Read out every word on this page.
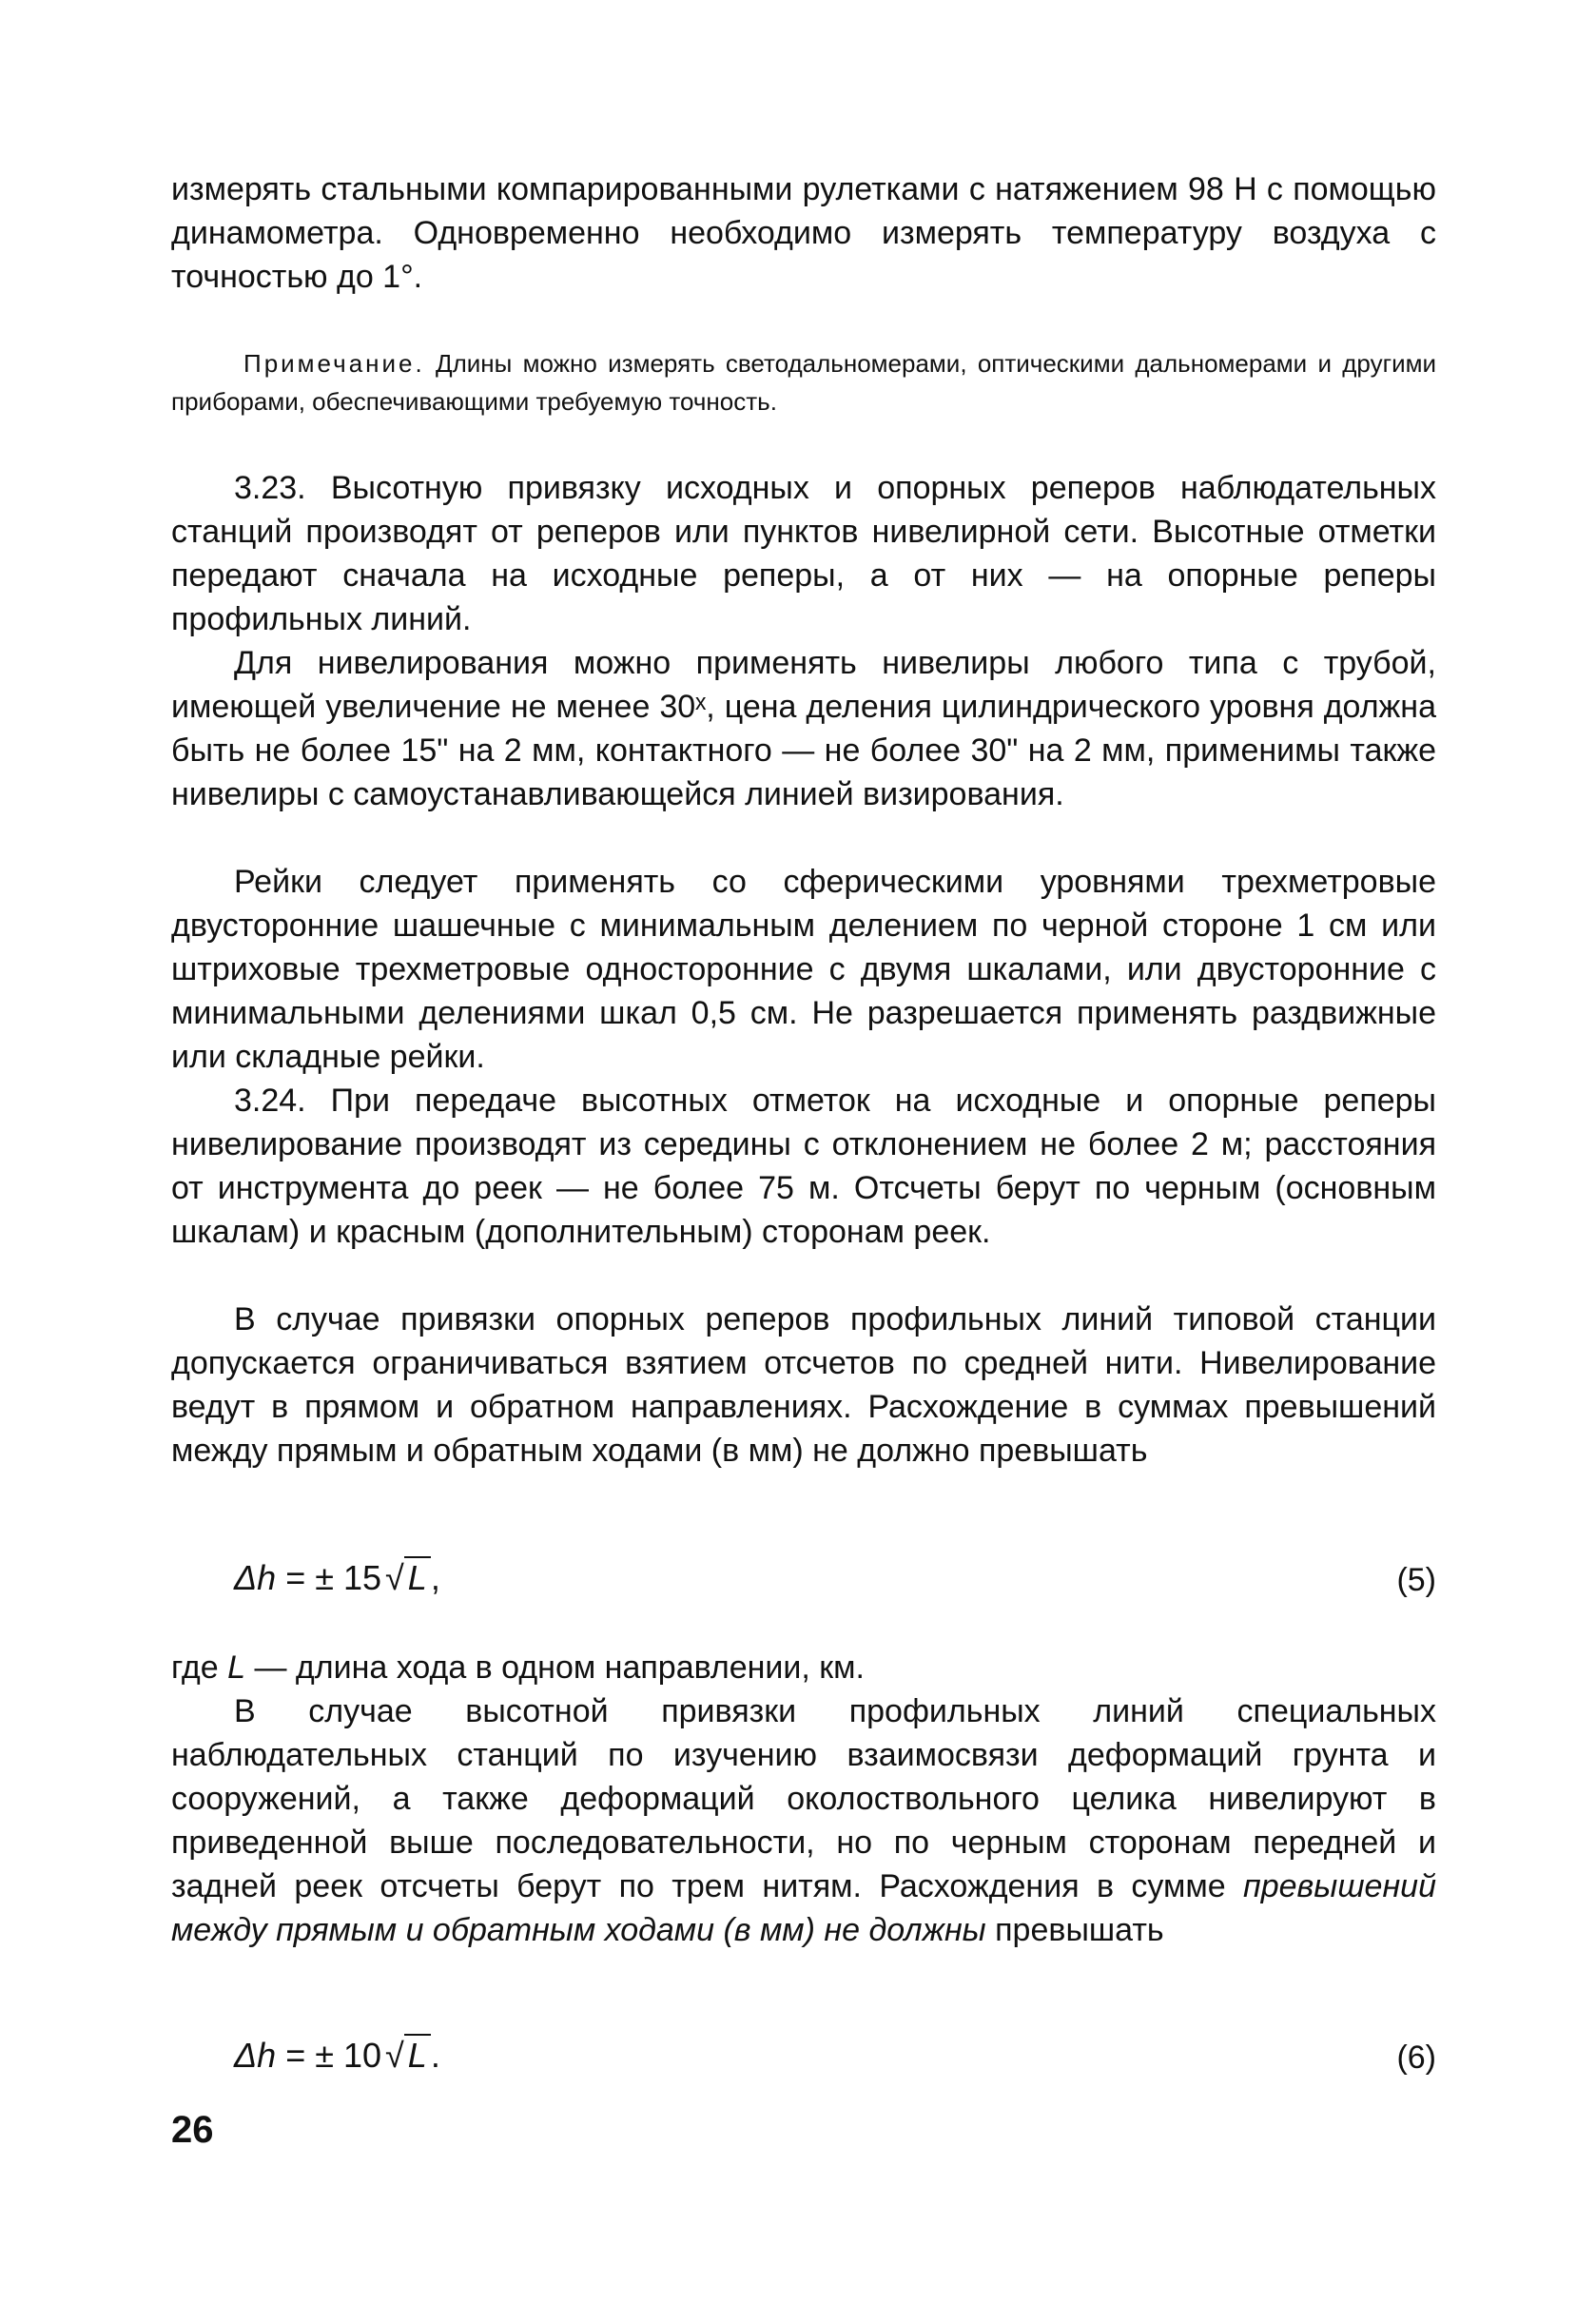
измерять стальными компарированными рулетками с натяжением 98 Н с помощью динамометра. Одновременно необходимо измерять температуру воздуха с точностью до 1°.

Примечание. Длины можно измерять светодальномерами, оптическими дальномерами и другими приборами, обеспечивающими требуемую точность.

3.23. Высотную привязку исходных и опорных реперов наблюдательных станций производят от реперов или пунктов нивелирной сети. Высотные отметки передают сначала на исходные реперы, а от них — на опорные реперы профильных линий.

Для нивелирования можно применять нивелиры любого типа с трубой, имеющей увеличение не менее 30ˣ, цена деления цилиндрического уровня должна быть не более 15" на 2 мм, контактного — не более 30" на 2 мм, применимы также нивелиры с самоустанавливающейся линией визирования.

Рейки следует применять со сферическими уровнями трехметровые двусторонние шашечные с минимальным делением по черной стороне 1 см или штриховые трехметровые односторонние с двумя шкалами, или двусторонние с минимальными делениями шкал 0,5 см. Не разрешается применять раздвижные или складные рейки.

3.24. При передаче высотных отметок на исходные и опорные реперы нивелирование производят из середины с отклонением не более 2 м; расстояния от инструмента до реек — не более 75 м. Отсчеты берут по черным (основным шкалам) и красным (дополнительным) сторонам реек.

В случае привязки опорных реперов профильных линий типовой станции допускается ограничиваться взятием отсчетов по средней нити. Нивелирование ведут в прямом и обратном направлениях. Расхождение в суммах превышений между прямым и обратным ходами (в мм) не должно превышать

Δh = ± 15 √ L ,	(5)

где L — длина хода в одном направлении, км.

В случае высотной привязки профильных линий специальных наблюдательных станций по изучению взаимосвязи деформаций грунта и сооружений, а также деформаций околоствольного целика нивелируют в приведенной выше последовательности, но по черным сторонам передней и задней реек отсчеты берут по трем нитям. Расхождения в сумме превышений между прямым и обратным ходами (в мм) не должны превышать

Δh = ± 10 √ L .	(6)
26
